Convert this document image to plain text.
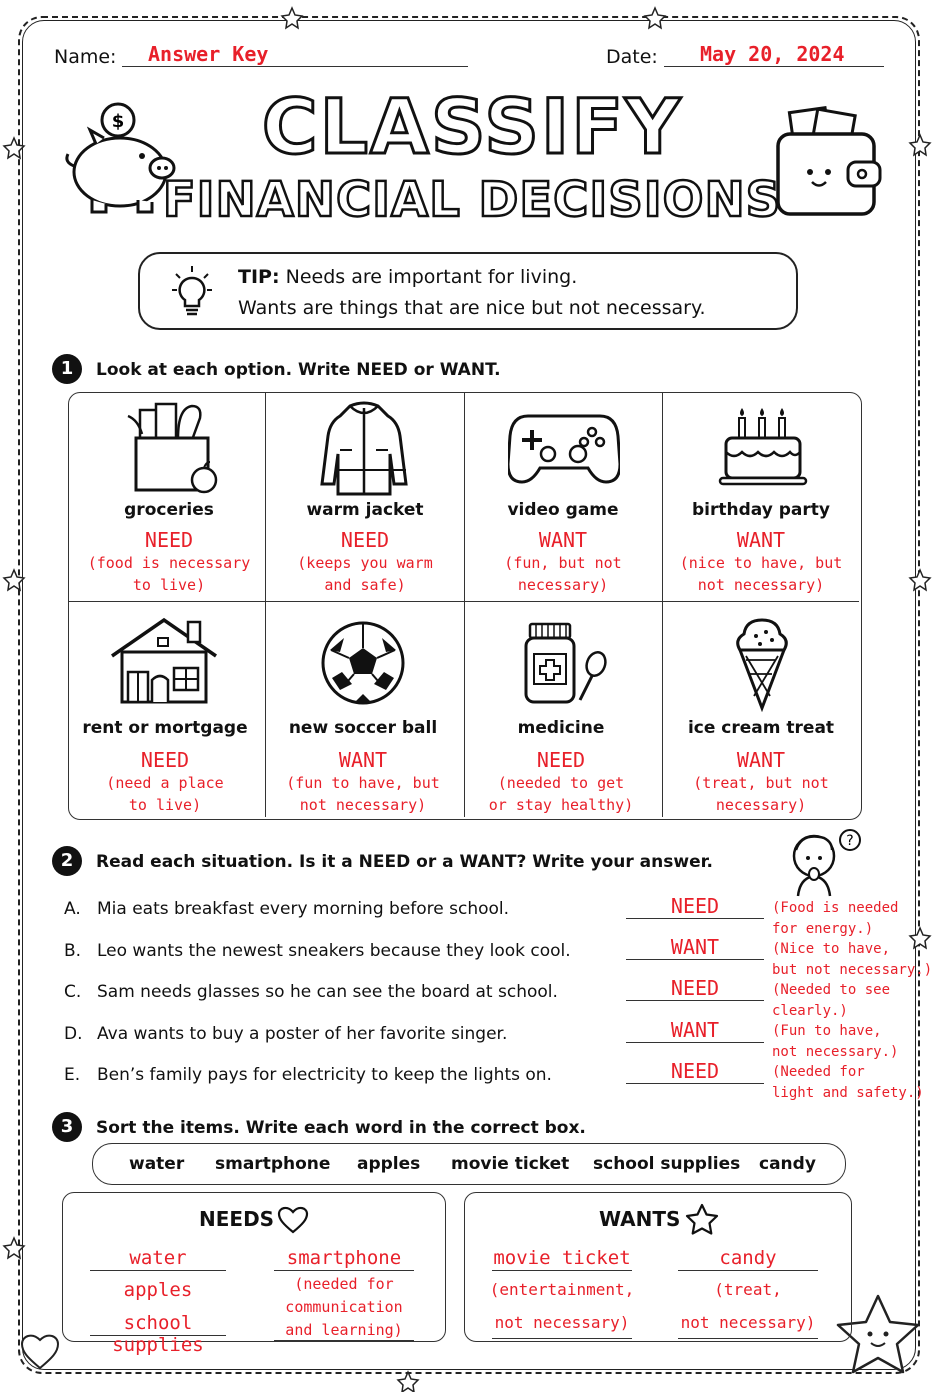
Name: Answer Key	Date: May 20, 2024
$	CLASSIFY
FINANCIAL DECISIONS
TIP: Needs are important for living.
Wants are things that are nice but not necessary.
1	Look at each option. Write NEED or WANT.
groceries
NEED
(food is necessary
to live)
warm jacket
NEED
(keeps you warm
and safe)
video game
WANT
(fun, but not
necessary)
birthday party
WANT
(nice to have, but
not necessary)
rent or mortgage
NEED
(need a place
to live)
new soccer ball
WANT
(fun to have, but
not necessary)
medicine
NEED
(needed to get
or stay healthy)
ice cream treat
WANT
(treat, but not
necessary)
2	Read each situation. Is it a NEED or a WANT? Write your answer.
?
A. Mia eats breakfast every morning before school.	NEED
B. Leo wants the newest sneakers because they look cool.	WANT
C. Sam needs glasses so he can see the board at school.	NEED
D. Ava wants to buy a poster of her favorite singer.	WANT
E. Ben’s family pays for electricity to keep the lights on.	NEED
(Food is needed
for energy.)
(Nice to have,
but not necessary.)
(Needed to see
clearly.)
(Fun to have,
not necessary.)
(Needed for
light and safety.)
3	Sort the items. Write each word in the correct box.
water smartphone apples movie ticket school supplies candy
NEEDS
water
apples
school supplies
smartphone
(needed for
communication
and learning)
WANTS
movie ticket
(entertainment,
not necessary)
candy
(treat,
not necessary)
